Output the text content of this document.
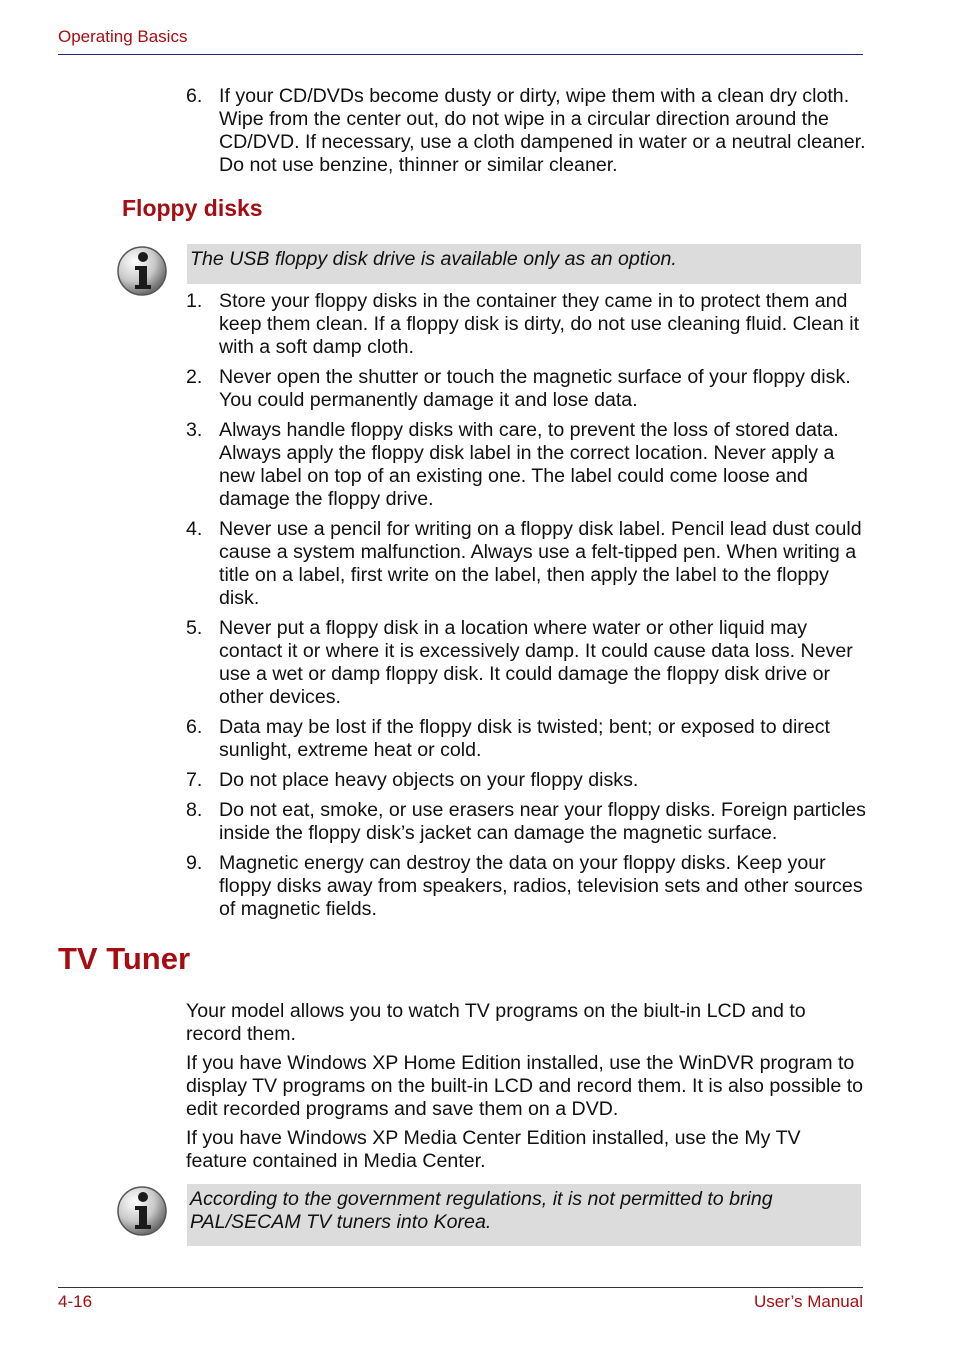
Operating Basics
6. If your CD/DVDs become dusty or dirty, wipe them with a clean dry cloth. Wipe from the center out, do not wipe in a circular direction around the CD/DVD. If necessary, use a cloth dampened in water or a neutral cleaner. Do not use benzine, thinner or similar cleaner.
Floppy disks
The USB floppy disk drive is available only as an option.
1. Store your floppy disks in the container they came in to protect them and keep them clean. If a floppy disk is dirty, do not use cleaning fluid. Clean it with a soft damp cloth.
2. Never open the shutter or touch the magnetic surface of your floppy disk. You could permanently damage it and lose data.
3. Always handle floppy disks with care, to prevent the loss of stored data. Always apply the floppy disk label in the correct location. Never apply a new label on top of an existing one. The label could come loose and damage the floppy drive.
4. Never use a pencil for writing on a floppy disk label. Pencil lead dust could cause a system malfunction. Always use a felt-tipped pen. When writing a title on a label, first write on the label, then apply the label to the floppy disk.
5. Never put a floppy disk in a location where water or other liquid may contact it or where it is excessively damp. It could cause data loss. Never use a wet or damp floppy disk. It could damage the floppy disk drive or other devices.
6. Data may be lost if the floppy disk is twisted; bent; or exposed to direct sunlight, extreme heat or cold.
7. Do not place heavy objects on your floppy disks.
8. Do not eat, smoke, or use erasers near your floppy disks. Foreign particles inside the floppy disk’s jacket can damage the magnetic surface.
9. Magnetic energy can destroy the data on your floppy disks. Keep your floppy disks away from speakers, radios, television sets and other sources of magnetic fields.
TV Tuner

Your model allows you to watch TV programs on the biult-in LCD and to record them.

If you have Windows XP Home Edition installed, use the WinDVR program to display TV programs on the built-in LCD and record them. It is also possible to edit recorded programs and save them on a DVD.

If you have Windows XP Media Center Edition installed, use the My TV feature contained in Media Center.

According to the government regulations, it is not permitted to bring PAL/SECAM TV tuners into Korea.
4-16	User’s Manual
